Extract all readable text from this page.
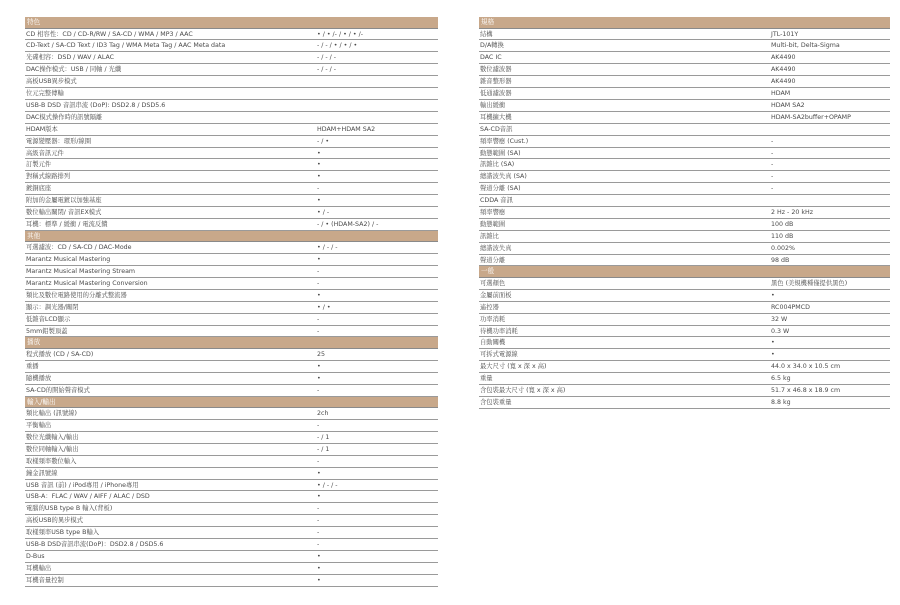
特色
CD 相容性：CD / CD-R/RW / SA-CD / WMA / MP3 / AAC	• / • /- / • / • /-
CD-Text / SA-CD Text / ID3 Tag / WMA Meta Tag / AAC Meta data	- / - / • / • / •
光碟相容：DSD / WAV / ALAC	- / - / -
DAC操作模式：USB / 同軸 / 光纖	- / - / -
高板USB異步模式
位元完整傳輸
USB-B DSD 音訊串流 (DoP): DSD2.8 / DSD5.6
DAC模式操作時的訊號隔離
HDAM版本	HDAM+HDAM SA2
電源變壓器：環形/線圈	- / •
高級音訊元件	•
訂製元件	•
對稱式線路排列	•
鍍銅底座	-
附加的金屬電鍍以加強基座	•
數位輸出關閉/ 音訊EX模式	• / -
耳機：標準 / 緩衝 / 電流反饋	- / • (HDAM-SA2) / -
其他
可選濾波：CD / SA-CD / DAC-Mode	• / - / -
Marantz Musical Mastering	•
Marantz Musical Mastering Stream	-
Marantz Musical Mastering Conversion	-
類比及數位電路使用的分離式整流器	•
顯示：調光器/關閉	• / •
低雜音LCD顯示	-
5mm鋁製頂蓋	-
播放
程式播放 (CD / SA-CD)	25
重播	•
隨機播放	•
SA-CD的開始聲音模式	-
輸入/輸出
類比輸出 (訊號線)	2ch
平衡輸出	-
數位光纖輸入/輸出	- / 1
數位同軸輸入/輸出	- / 1
取樣頻率數位輸入	-
鐘金訊號線	•
USB 音訊 (前) / iPod專用 / iPhone專用	• / - / -
USB-A：FLAC / WAV / AIFF / ALAC / DSD	•
電腦的USB type B 輸入(背板)	-
高板USB的異步模式	-
取樣頻率USB type B輸入	-
USB-B DSD音訊串流(DoP)：DSD2.8 / DSD5.6	-
D-Bus	•
耳機輸出	•
耳機音量控制	•
規格
結構	JTL-101Y
D/A轉換	Multi-bit, Delta-Sigma
DAC IC	AK4490
數位濾波器	AK4490
雜音整形器	AK4490
低通濾波器	HDAM
輸出緩衝	HDAM SA2
耳機擴大機	HDAM-SA2buffer+OPAMP
SA-CD音訊
頻率響應 (Cust.)	-
動態範圍 (SA)	-
訊雜比 (SA)	-
總諧波失真 (SA)	-
聲道分離 (SA)	-
CDDA 音訊
頻率響應	2 Hz - 20 kHz
動態範圍	100 dB
訊雜比	110 dB
總諧波失真	0.002%
聲道分離	98 dB
一般
可選顏色	黑色 (美規機種僅提供黑色)
金屬前面板	•
遙控器	RC004PMCD
功率消耗	32 W
待機功率消耗	0.3 W
自動關機	•
可拆式電源線	•
最大尺寸 (寬 x 深 x 高)	44.0 x 34.0 x 10.5 cm
重量	6.5 kg
含包裝最大尺寸 (寬 x 深 x 高)	51.7 x 46.8 x 18.9 cm
含包裝重量	8.8 kg
